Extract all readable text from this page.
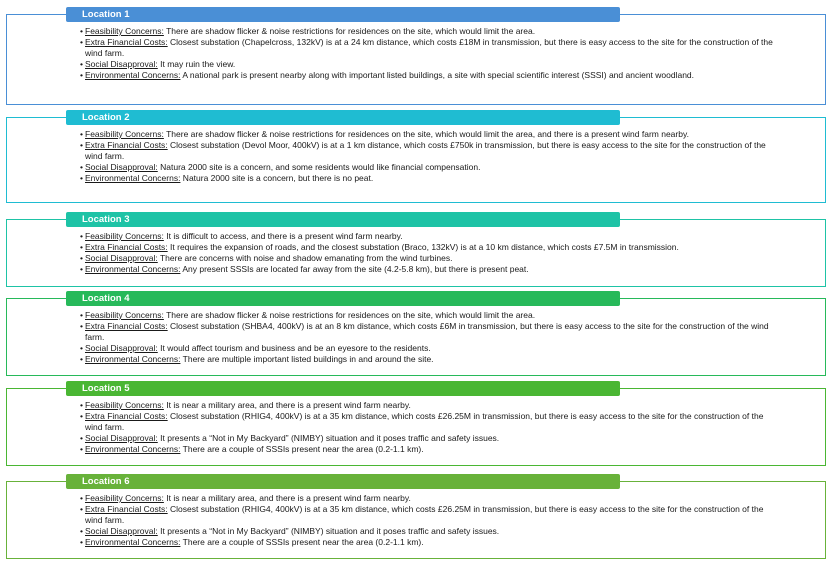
Location 1
• Feasibility Concerns: There are shadow flicker & noise restrictions for residences on the site, which would limit the area.
• Extra Financial Costs: Closest substation (Chapelcross, 132kV) is at a 24 km distance, which costs £18M in transmission, but there is easy access to the site for the construction of the wind farm.
• Social Disapproval: It may ruin the view.
• Environmental Concerns: A national park is present nearby along with important listed buildings, a site with special scientific interest (SSSI) and ancient woodland.
Location 2
• Feasibility Concerns: There are shadow flicker & noise restrictions for residences on the site, which would limit the area, and there is a present wind farm nearby.
• Extra Financial Costs: Closest substation (Devol Moor, 400kV) is at a 1 km distance, which costs £750k in transmission, but there is easy access to the site for the construction of the wind farm.
• Social Disapproval: Natura 2000 site is a concern, and some residents would like financial compensation.
• Environmental Concerns: Natura 2000 site is a concern, but there is no peat.
Location 3
• Feasibility Concerns: It is difficult to access, and there is a present wind farm nearby.
• Extra Financial Costs: It requires the expansion of roads, and the closest substation (Braco, 132kV) is at a 10 km distance, which costs £7.5M in transmission.
• Social Disapproval: There are concerns with noise and shadow emanating from the wind turbines.
• Environmental Concerns: Any present SSSIs are located far away from the site (4.2-5.8 km), but there is present peat.
Location 4
• Feasibility Concerns: There are shadow flicker & noise restrictions for residences on the site, which would limit the area.
• Extra Financial Costs: Closest substation (SHBA4, 400kV) is at an 8 km distance, which costs £6M in transmission, but there is easy access to the site for the construction of the wind farm.
• Social Disapproval: It would affect tourism and business and be an eyesore to the residents.
• Environmental Concerns: There are multiple important listed buildings in and around the site.
Location 5
• Feasibility Concerns: It is near a military area, and there is a present wind farm nearby.
• Extra Financial Costs: Closest substation (RHIG4, 400kV) is at a 35 km distance, which costs £26.25M in transmission, but there is easy access to the site for the construction of the wind farm.
• Social Disapproval: It presents a “Not in My Backyard” (NIMBY) situation and it poses traffic and safety issues.
• Environmental Concerns: There are a couple of SSSIs present near the area (0.2-1.1 km).
Location 6
• Feasibility Concerns: It is near a military area, and there is a present wind farm nearby.
• Extra Financial Costs: Closest substation (RHIG4, 400kV) is at a 35 km distance, which costs £26.25M in transmission, but there is easy access to the site for the construction of the wind farm.
• Social Disapproval: It presents a “Not in My Backyard” (NIMBY) situation and it poses traffic and safety issues.
• Environmental Concerns: There are a couple of SSSIs present near the area (0.2-1.1 km).
